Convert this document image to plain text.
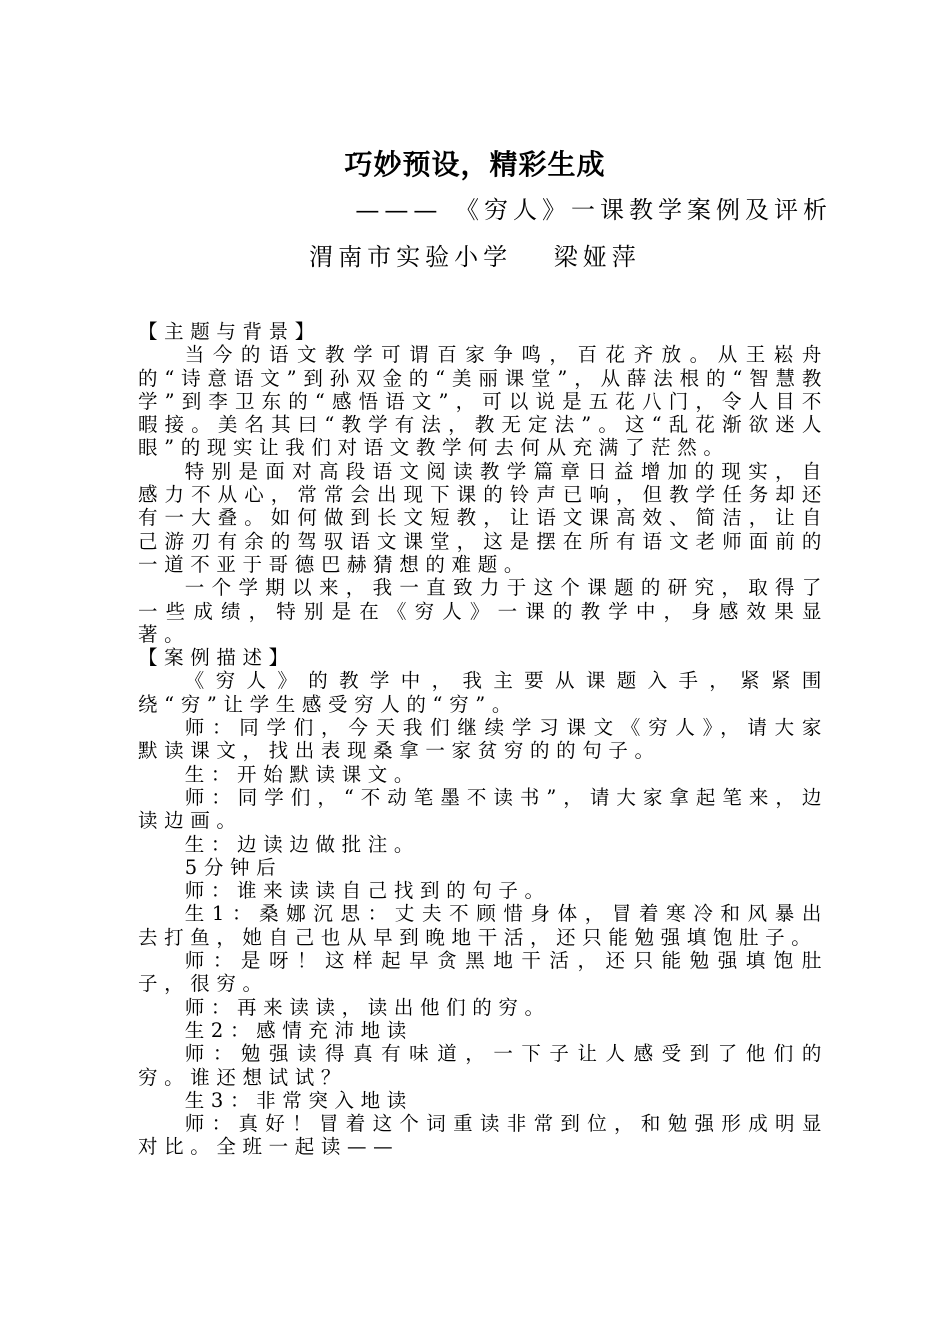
巧妙预设，精彩生成
——— 《穷人》一课教学案例及评析
渭南市实验小学　 梁娅萍

【主题与背景】

当今的语文教学可谓百家争鸣，百花齐放。从王崧舟的“诗意语文”到孙双金的“美丽课堂”，从薛法根的“智慧教学”到李卫东的“感悟语文”，可以说是五花八门，令人目不暇接。美名其曰“教学有法，教无定法”。这“乱花渐欲迷人眼”的现实让我们对语文教学何去何从充满了茫然。

特别是面对高段语文阅读教学篇章日益增加的现实，自感力不从心，常常会出现下课的铃声已响，但教学任务却还有一大叠。如何做到长文短教，让语文课高效、简洁，让自己游刃有余的驾驭语文课堂，这是摆在所有语文老师面前的一道不亚于哥德巴赫猜想的难题。

一个学期以来，我一直致力于这个课题的研究，取得了一些成绩，特别是在《穷人》一课的教学中，身感效果显著。

【案例描述】

《穷人》的教学中，我主要从课题入手，紧紧围绕“穷”让学生感受穷人的“穷”。

师：同学们，今天我们继续学习课文《穷人》，请大家默读课文，找出表现桑拿一家贫穷的的句子。

生：开始默读课文。

师：同学们，“不动笔墨不读书”，请大家拿起笔来，边读边画。

生：边读边做批注。

5分钟后

师：谁来读读自己找到的句子。

生1：桑娜沉思：丈夫不顾惜身体，冒着寒冷和风暴出去打鱼，她自己也从早到晚地干活，还只能勉强填饱肚子。

师：是呀！这样起早贪黑地干活，还只能勉强填饱肚子，很穷。

师：再来读读，读出他们的穷。

生2：感情充沛地读

师：勉强读得真有味道，一下子让人感受到了他们的穷。谁还想试试？

生3：非常突入地读

师：真好！冒着这个词重读非常到位，和勉强形成明显对比。全班一起读——
